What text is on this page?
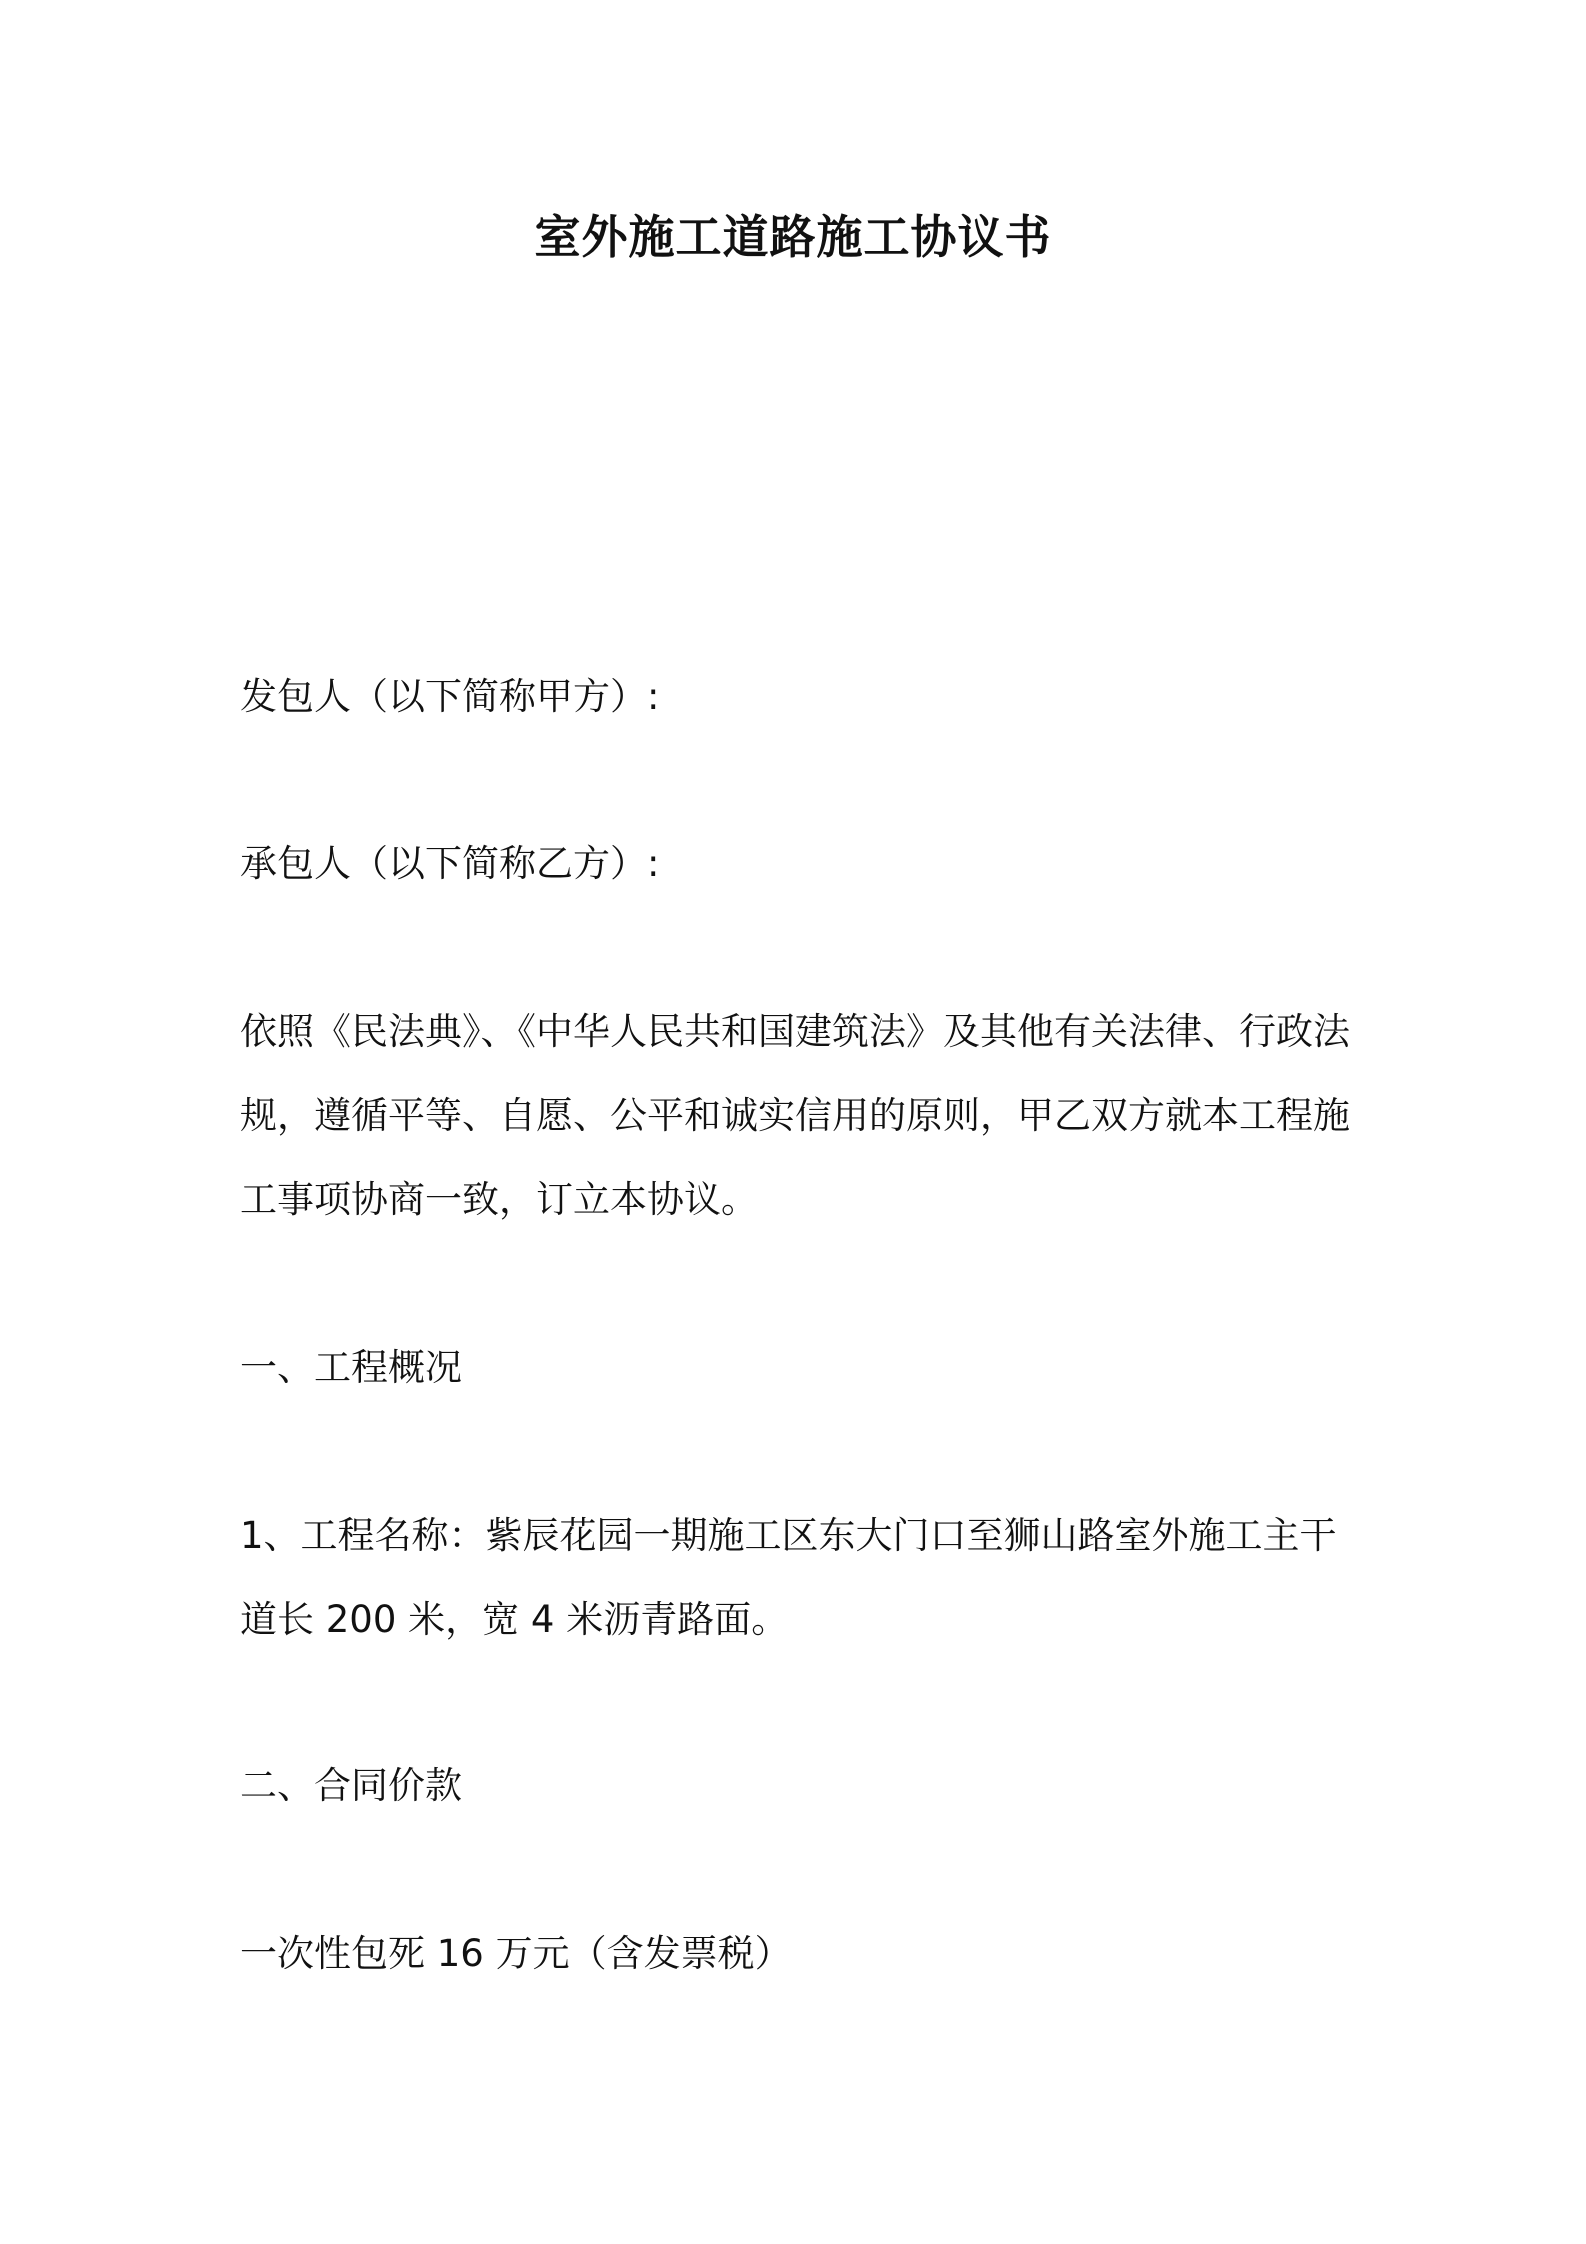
室外施工道路施工协议书

发包人（以下简称甲方）:

承包人（以下简称乙方）:

依照《民法典》、《中华人民共和国建筑法》及其他有关法律、行政法规，遵循平等、自愿、公平和诚实信用的原则，甲乙双方就本工程施工事项协商一致，订立本协议。

一、工程概况

1、工程名称：紫辰花园一期施工区东大门口至狮山路室外施工主干道长 200 米，宽 4 米沥青路面。

二、合同价款

一次性包死 16 万元（含发票税）
